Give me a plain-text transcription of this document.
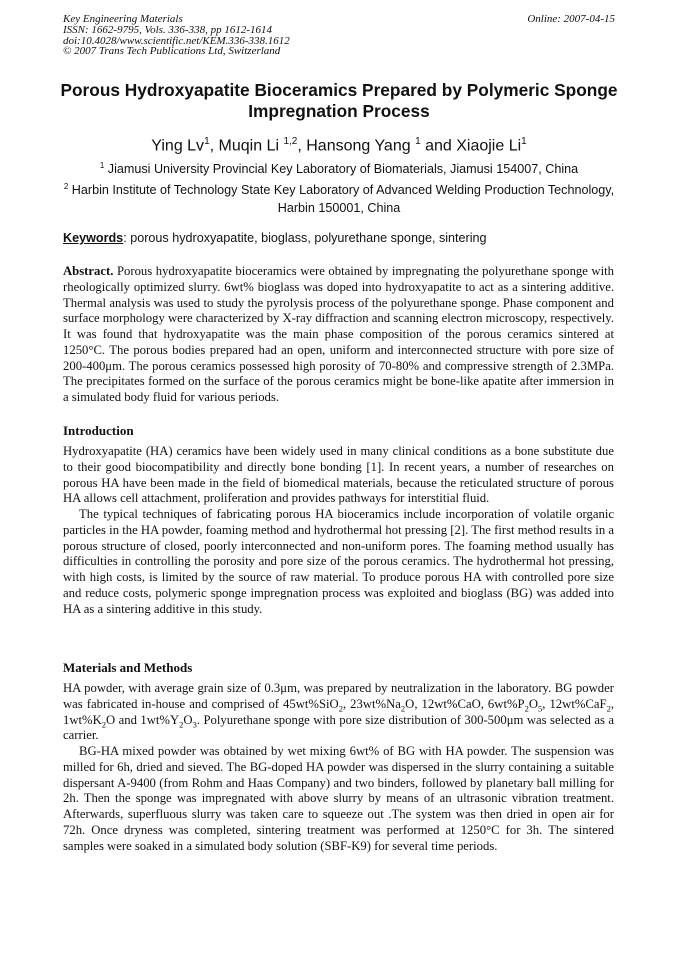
Key Engineering Materials
ISSN: 1662-9795, Vols. 336-338, pp 1612-1614
doi:10.4028/www.scientific.net/KEM.336-338.1612
© 2007 Trans Tech Publications Ltd, Switzerland
Online: 2007-04-15
Porous Hydroxyapatite Bioceramics Prepared by Polymeric Sponge Impregnation Process
Ying Lv$^1$, Muqin Li $^{1,2}$, Hansong Yang $^1$ and Xiaojie Li$^1$
$^1$ Jiamusi University Provincial Key Laboratory of Biomaterials, Jiamusi 154007, China
$^2$ Harbin Institute of Technology State Key Laboratory of Advanced Welding Production Technology, Harbin 150001, China
Keywords: porous hydroxyapatite, bioglass, polyurethane sponge, sintering

Abstract. Porous hydroxyapatite bioceramics were obtained by impregnating the polyurethane sponge with rheologically optimized slurry. 6wt% bioglass was doped into hydroxyapatite to act as a sintering additive. Thermal analysis was used to study the pyrolysis process of the polyurethane sponge. Phase component and surface morphology were characterized by X-ray diffraction and scanning electron microscopy, respectively. It was found that hydroxyapatite was the main phase composition of the porous ceramics sintered at 1250°C. The porous bodies prepared had an open, uniform and interconnected structure with pore size of 200-400μm. The porous ceramics possessed high porosity of 70-80% and compressive strength of 2.3MPa. The precipitates formed on the surface of the porous ceramics might be bone-like apatite after immersion in a simulated body fluid for various periods.

Introduction

Hydroxyapatite (HA) ceramics have been widely used in many clinical conditions as a bone substitute due to their good biocompatibility and directly bone bonding [1]. In recent years, a number of researches on porous HA have been made in the field of biomedical materials, because the reticulated structure of porous HA allows cell attachment, proliferation and provides pathways for interstitial fluid.

The typical techniques of fabricating porous HA bioceramics include incorporation of volatile organic particles in the HA powder, foaming method and hydrothermal hot pressing [2]. The first method results in a porous structure of closed, poorly interconnected and non-uniform pores. The foaming method usually has difficulties in controlling the porosity and pore size of the porous ceramics. The hydrothermal hot pressing, with high costs, is limited by the source of raw material. To produce porous HA with controlled pore size and reduce costs, polymeric sponge impregnation process was exploited and bioglass (BG) was added into HA as a sintering additive in this study.

Materials and Methods

HA powder, with average grain size of 0.3μm, was prepared by neutralization in the laboratory. BG powder was fabricated in-house and comprised of 45wt%SiO$_2$, $23wt\%Na_2O$, 12wt%CaO, $6wt\%P_2O_5$, 12wt%CaF$_2$, $1wt\%K_2O$ and $1wt\%Y_2O_3$. Polyurethane sponge with pore size distribution of 300-500μm was selected as a carrier.

BG-HA mixed powder was obtained by wet mixing 6wt% of BG with HA powder. The suspension was milled for 6h, dried and sieved. The BG-doped HA powder was dispersed in the slurry containing a suitable dispersant A-9400 (from Rohm and Haas Company) and two binders, followed by planetary ball milling for 2h. Then the sponge was impregnated with above slurry by means of an ultrasonic vibration treatment. Afterwards, superfluous slurry was taken care to squeeze out .The system was then dried in open air for 72h. Once dryness was completed, sintering treatment was performed at 1250°C for 3h. The sintered samples were soaked in a simulated body solution (SBF-K9) for several time periods.
